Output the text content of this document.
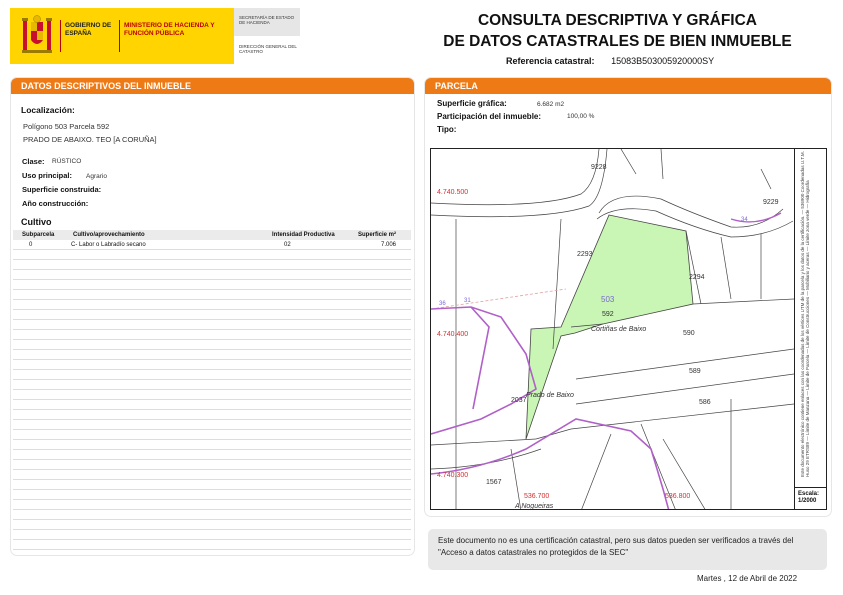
GOBIERNO DE ESPAÑA
MINISTERIO DE HACIENDA Y FUNCIÓN PÚBLICA
SECRETARÍA DE ESTADO DE HACIENDA
DIRECCIÓN GENERAL DEL CATASTRO
CONSULTA DESCRIPTIVA Y GRÁFICA
DE DATOS CATASTRALES DE BIEN INMUEBLE
Referencia catastral: 15083B503005920000SY
DATOS DESCRIPTIVOS DEL INMUEBLE
Localización:
Polígono 503 Parcela 592
PRADO DE ABAIXO. TEO [A CORUÑA]
Clase: RÚSTICO
Uso principal: Agrario
Superficie construida:
Año construcción:
Cultivo
Subparcela	Cultivo/aprovechamiento	Intensidad Productiva	Superficie m²
0	C- Labor o Labradío secano	02	7.006
PARCELA
Superficie gráfica:	6.682 m2
Participación del inmueble:	100,00 %
Tipo:
9228
9229
2293
2294
503
592
590
589
586
2037
1567
Cortiñas de Baixo
Prado de Baixo
A Nogueiras
36	31
34
4.740.500
4.740.400
4.740.300
536.700	536.800
Este documento electrónico contiene enlaces con las coordenadas de los vértices UTM de la parcela y los datos de la certificación. — 536900 Coordenadas U.T.M. Huso 29 ETRS89 — Límite de Manzana — Límite de Parcela — Límite de Construcciones — Mobiliario y aceras — Límite zona verde — Hidrografía
Escala:
1/2000
Este documento no es una certificación catastral, pero sus datos pueden ser verificados a través del "Acceso a datos catastrales no protegidos de la SEC"
Martes , 12 de Abril de 2022
